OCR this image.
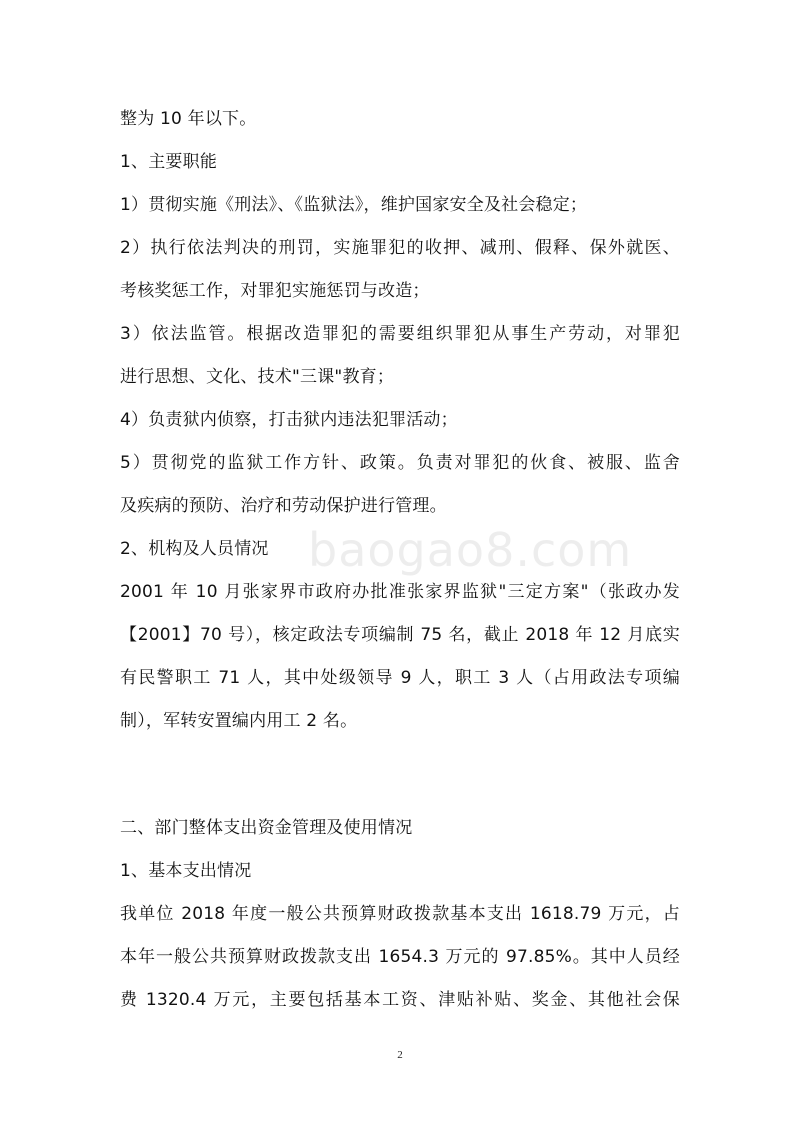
baogao8.com
整为 10 年以下。
1、主要职能
1）贯彻实施《刑法》、《监狱法》，维护国家安全及社会稳定；
2）执行依法判决的刑罚，实施罪犯的收押、减刑、假释、保外就医、
考核奖惩工作，对罪犯实施惩罚与改造；
3）依法监管。根据改造罪犯的需要组织罪犯从事生产劳动，对罪犯
进行思想、文化、技术"三课"教育；
4）负责狱内侦察，打击狱内违法犯罪活动；
5）贯彻党的监狱工作方针、政策。负责对罪犯的伙食、被服、监舍
及疾病的预防、治疗和劳动保护进行管理。
2、机构及人员情况
2001 年 10 月张家界市政府办批准张家界监狱"三定方案"（张政办发
【2001】70 号），核定政法专项编制 75 名，截止 2018 年 12 月底实
有民警职工 71 人，其中处级领导 9 人，职工 3 人（占用政法专项编
制），军转安置编内用工 2 名。
二、部门整体支出资金管理及使用情况
1、基本支出情况
我单位 2018 年度一般公共预算财政拨款基本支出 1618.79 万元，占
本年一般公共预算财政拨款支出 1654.3 万元的 97.85%。其中人员经
费 1320.4 万元，主要包括基本工资、津贴补贴、奖金、其他社会保
2
